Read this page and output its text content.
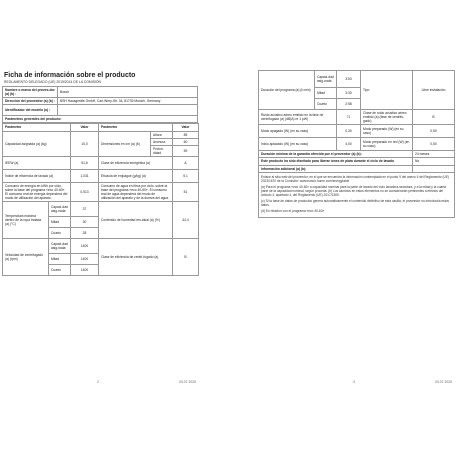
Ficha de información sobre el producto
REGLAMENTO DELEGADO (UE) 2019/2014 DE LA COMISIÓN
Nombre o marca del provee-dor (a) (b) :	Bosch
Dirección del proveedor (a) (b) :	BSH Hausgeräte GmbH, Carl-Wery-Str. 34, 81739 Munich, Germany
Identificador del modelo (a) :	
Parámetros generales del producto:	
Parámetro		Valor	Parámetro		Valor
Capacidad asignada (a) (kg)		10,0	Dimensiones en cm (a) (b)	Altura	85
				Anchura	60
				Profun-didad	59
IEEW (a)		51,6	Clase de eficiencia energética (a)		A
Índice de eficiencia de lavado (a)		1,031	Eficacia de enjuague (g/kg) (a)		5,1
Consumo de energía en kWh por ciclo, sobre la base del programa «eco 40-60». El consumo real de energía dependerá del modo de utilización del aparato.		0,513	Consumo de agua en litros por ciclo, sobre la base del programa «eco 40-60». El consumo real de agua dependerá del modo de utilización del aparato y de la dureza del agua.		51
Temperatura máxima dentro de la ropa tratada (a) (°C)	Capaci-dad asig-nada	37	Contenido de humedad res-idual (a) (%)		44,4
	Mitad	30			
	Cuarto	28			
Velocidad de centrifugado (a) (rpm)	Capaci-dad asig-nada	1400	Clase de eficiencia de centri-fugado (a)		B
	Mitad	1400			
	Cuarto	1400			
2	03.07.2025
Duración del programa (a) (h:min)	Capaci-dad asig-nada	3:53	Tipo	Libre instalación
	Mitad	3:30		
	Cuarto	2:58		
Ruido acústico aéreo emitido en la fase de centrifugado (a) (dB(A) re 1 pW)		71	Clase de ruido acústico aéreo emitido (a) (fase de centrifu-gado)	B
Modo apagado (W) (en su caso)		0,30	Modo preparado (W) (en su caso)	0,50
Inicio aplazado (W) (en su caso)		4,00	Modo preparado en red (W) (en su caso)	0,50
Duración mínima de la garantía ofrecida por el proveedor (a) (b):				24 meses
Este producto ha sido diseñado para liberar iones de plata durante el ciclo de lavado				No
Información adicional (a) (b):				

Enlace al sitio web del proveedor, en el que se encuentra la información contemplada en el punto 9 del anexo II del Reglamento (UE) 2023/1670 de la Comisión: www.bosch-home.com/energylabel

(a) Para el programa «eco 40-60» a capacidad nominal para la parte de lavado del ciclo lavadora-secadora, y a la mitad y la cuarta parte de la capacidad nominal, según proceda. (b) Los cambios en estos elementos no se considerarán pertinentes a efectos del artículo 4, apartado 4, del Reglamento (UE) 2017/1369.

(c) Si la base de datos de productos genera automáticamente el contenido definitivo de esta casilla, el proveedor no introducirá estos datos.

(d) En relación con el programa «eco 40-60»				

3	03.07.2025
